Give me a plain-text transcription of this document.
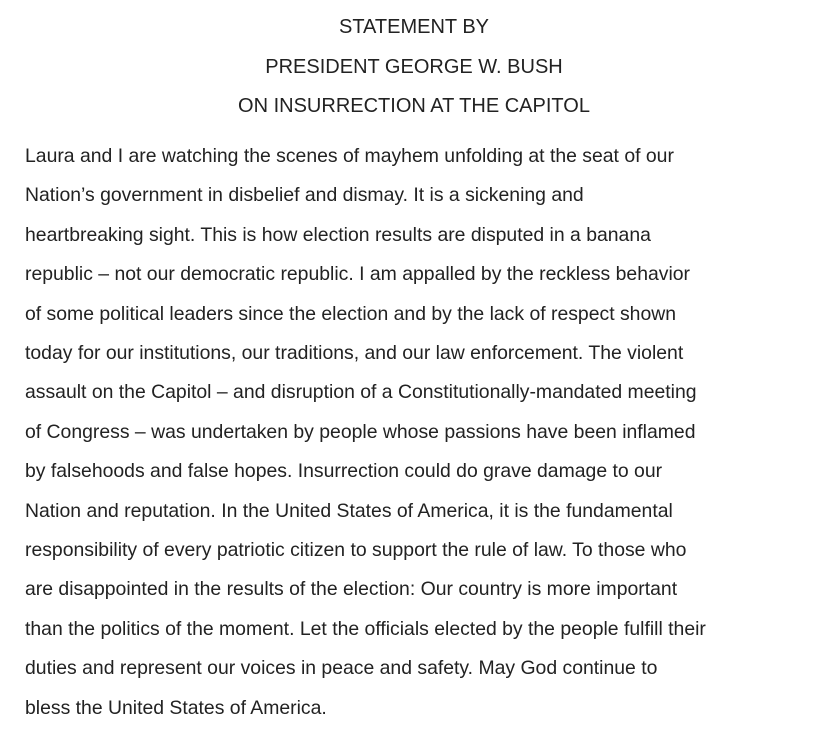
STATEMENT BY
PRESIDENT GEORGE W. BUSH
ON INSURRECTION AT THE CAPITOL
Laura and I are watching the scenes of mayhem unfolding at the seat of our
Nation’s government in disbelief and dismay. It is a sickening and
heartbreaking sight. This is how election results are disputed in a banana
republic – not our democratic republic. I am appalled by the reckless behavior
of some political leaders since the election and by the lack of respect shown
today for our institutions, our traditions, and our law enforcement. The violent
assault on the Capitol – and disruption of a Constitutionally-mandated meeting
of Congress – was undertaken by people whose passions have been inflamed
by falsehoods and false hopes. Insurrection could do grave damage to our
Nation and reputation. In the United States of America, it is the fundamental
responsibility of every patriotic citizen to support the rule of law. To those who
are disappointed in the results of the election: Our country is more important
than the politics of the moment. Let the officials elected by the people fulfill their
duties and represent our voices in peace and safety. May God continue to
bless the United States of America.
